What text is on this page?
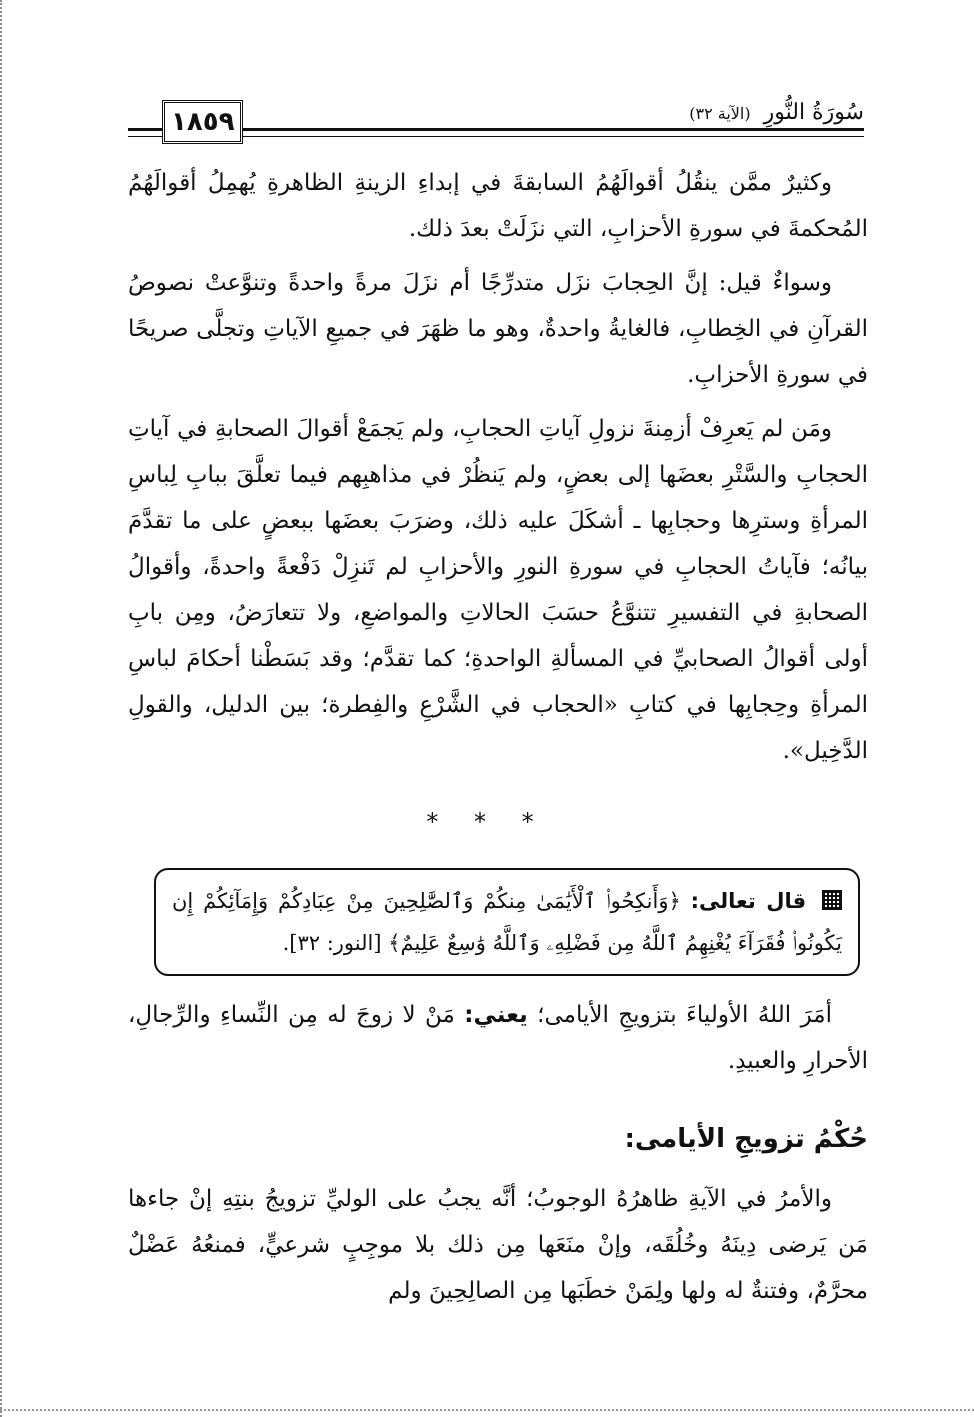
١٨٥٩	سُورَةُ النُّورِ (الآية ٣٢)

وكثيرٌ ممَّن ينقُلُ أقوالَهُمُ السابقةَ في إبداءِ الزينةِ الظاهرةِ يُهمِلُ أقوالَهُمُ المُحكمةَ في سورةِ الأحزابِ، التي نزَلَتْ بعدَ ذلك.

وسواءٌ قيل: إنَّ الحِجابَ نزَل متدرِّجًا أم نزَلَ مرةً واحدةً وتنوَّعتْ نصوصُ القرآنِ في الخِطابِ، فالغايةُ واحدةٌ، وهو ما ظهَرَ في جميعِ الآياتِ وتجلَّى صريحًا في سورةِ الأحزابِ.

ومَن لم يَعرِفْ أزمِنةَ نزولِ آياتِ الحجابِ، ولم يَجمَعْ أقوالَ الصحابةِ في آياتِ الحجابِ والسَّتْرِ بعضَها إلى بعضٍ، ولم يَنظُرْ في مذاهبِهم فيما تعلَّقَ ببابِ لِباسِ المرأةِ وسترِها وحجابِها ـ أشكَلَ عليه ذلك، وضرَبَ بعضَها ببعضٍ على ما تقدَّمَ بيانُه؛ فآياتُ الحجابِ في سورةِ النورِ والأحزابِ لم تَنزِلْ دَفْعةً واحدةً، وأقوالُ الصحابةِ في التفسيرِ تتنوَّعُ حسَبَ الحالاتِ والمواضعِ، ولا تتعارَضُ، ومِن بابِ أولى أقوالُ الصحابيِّ في المسألةِ الواحدةِ؛ كما تقدَّم؛ وقد بَسَطْنا أحكامَ لباسِ المرأةِ وحِجابِها في كتابِ «الحجاب في الشَّرْعِ والفِطرة؛ بين الدليل، والقولِ الدَّخِيل».

* * *
قال تعالى: ﴿وَأَنكِحُوا۟ ٱلْأَيَٰمَىٰ مِنكُمْ وَٱلصَّٰلِحِينَ مِنْ عِبَادِكُمْ وَإِمَآئِكُمْ إِن يَكُونُوا۟ فُقَرَآءَ يُغْنِهِمُ ٱللَّهُ مِن فَضْلِهِۦ وَٱللَّهُ وَٰسِعٌ عَلِيمٌ﴾ [النور: ٣٢].

أمَرَ اللهُ الأولياءَ بتزويجِ الأيامى؛ يعني: مَنْ لا زوجَ له مِن النِّساءِ والرِّجالِ، الأحرارِ والعبيدِ.

حُكْمُ تزويجِ الأيامى:

والأمرُ في الآيةِ ظاهرُهُ الوجوبُ؛ أنَّه يجبُ على الوليِّ تزويجُ بنتِهِ إنْ جاءها مَن يَرضى دِينَهُ وخُلُقَه، وإنْ منَعَها مِن ذلك بلا موجِبٍ شرعيٍّ، فمنعُهُ عَضْلٌ محرَّمٌ، وفتنةٌ له ولها ولِمَنْ خطَبَها مِن الصالِحِينَ ولم
